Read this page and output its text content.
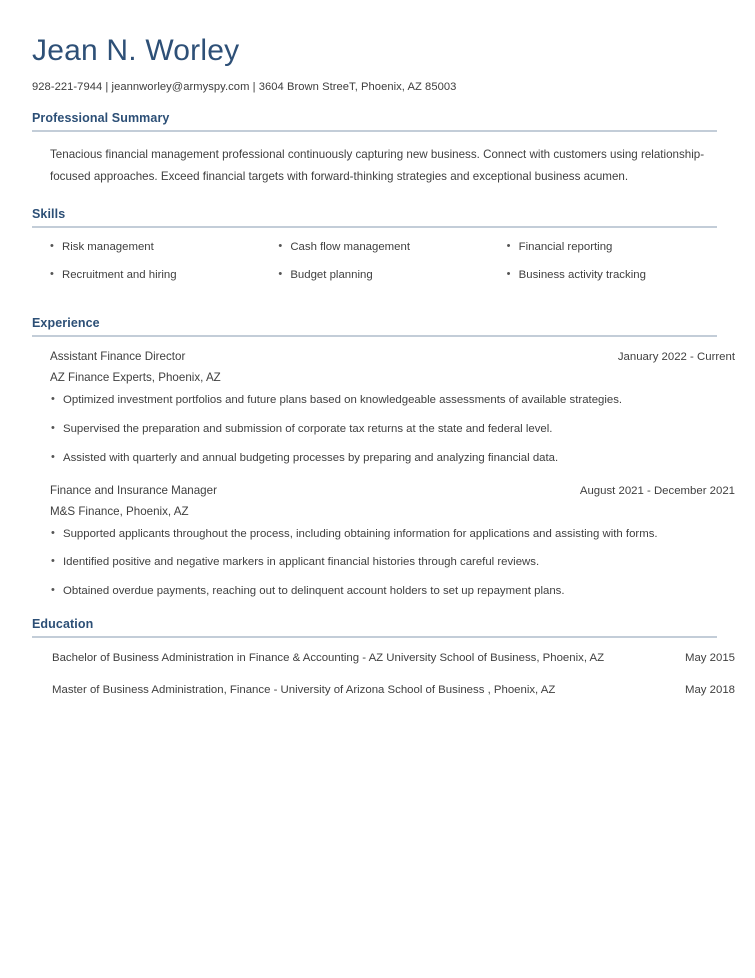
Jean N. Worley
928-221-7944 | jeannworley@armyspy.com | 3604 Brown StreeT, Phoenix, AZ 85003
Professional Summary
Tenacious financial management professional continuously capturing new business. Connect with customers using relationship-focused approaches. Exceed financial targets with forward-thinking strategies and exceptional business acumen.
Skills
• Risk management
• Recruitment and hiring
• Cash flow management
• Budget planning
• Financial reporting
• Business activity tracking
Experience
Assistant Finance Director	January 2022 - Current
AZ Finance Experts, Phoenix, AZ
• Optimized investment portfolios and future plans based on knowledgeable assessments of available strategies.
• Supervised the preparation and submission of corporate tax returns at the state and federal level.
• Assisted with quarterly and annual budgeting processes by preparing and analyzing financial data.
Finance and Insurance Manager	August 2021 - December 2021
M&S Finance, Phoenix, AZ
• Supported applicants throughout the process, including obtaining information for applications and assisting with forms.
• Identified positive and negative markers in applicant financial histories through careful reviews.
• Obtained overdue payments, reaching out to delinquent account holders to set up repayment plans.
Education
Bachelor of Business Administration in Finance & Accounting - AZ University School of Business, Phoenix, AZ	May 2015
Master of Business Administration, Finance - University of Arizona School of Business , Phoenix, AZ	May 2018
